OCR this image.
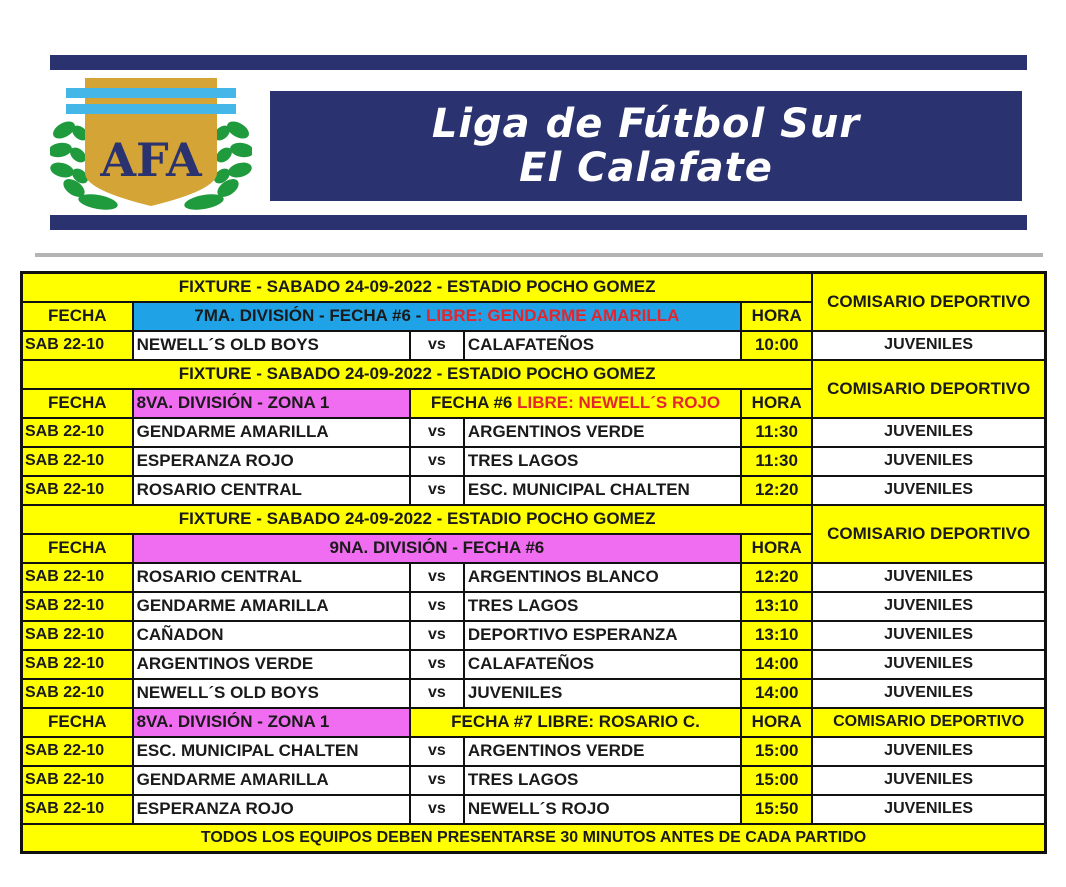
AFA
Liga de Fútbol Sur
El Calafate
FIXTURE - SABADO 24-09-2022 - ESTADIO POCHO GOMEZ					COMISARIO DEPORTIVO
FECHA	7MA. DIVISIÓN - FECHA #6 - LIBRE: GENDARME AMARILLA			HORA	
SAB 22-10	NEWELL´S OLD BOYS	vs	CALAFATEÑOS	10:00	JUVENILES
FIXTURE - SABADO 24-09-2022 - ESTADIO POCHO GOMEZ					COMISARIO DEPORTIVO
FECHA	8VA. DIVISIÓN - ZONA 1	FECHA #6 LIBRE: NEWELL´S ROJO		HORA	
SAB 22-10	GENDARME AMARILLA	vs	ARGENTINOS VERDE	11:30	JUVENILES
SAB 22-10	ESPERANZA ROJO	vs	TRES LAGOS	11:30	JUVENILES
SAB 22-10	ROSARIO CENTRAL	vs	ESC. MUNICIPAL CHALTEN	12:20	JUVENILES
FIXTURE - SABADO 24-09-2022 - ESTADIO POCHO GOMEZ					COMISARIO DEPORTIVO
FECHA	9NA. DIVISIÓN - FECHA #6			HORA	
SAB 22-10	ROSARIO CENTRAL	vs	ARGENTINOS BLANCO	12:20	JUVENILES
SAB 22-10	GENDARME AMARILLA	vs	TRES LAGOS	13:10	JUVENILES
SAB 22-10	CAÑADON	vs	DEPORTIVO ESPERANZA	13:10	JUVENILES
SAB 22-10	ARGENTINOS VERDE	vs	CALAFATEÑOS	14:00	JUVENILES
SAB 22-10	NEWELL´S OLD BOYS	vs	JUVENILES	14:00	JUVENILES
FECHA	8VA. DIVISIÓN - ZONA 1	FECHA #7 LIBRE: ROSARIO C.		HORA	COMISARIO DEPORTIVO
SAB 22-10	ESC. MUNICIPAL CHALTEN	vs	ARGENTINOS VERDE	15:00	JUVENILES
SAB 22-10	GENDARME AMARILLA	vs	TRES LAGOS	15:00	JUVENILES
SAB 22-10	ESPERANZA ROJO	vs	NEWELL´S ROJO	15:50	JUVENILES
TODOS LOS EQUIPOS DEBEN PRESENTARSE 30 MINUTOS ANTES DE CADA PARTIDO					
